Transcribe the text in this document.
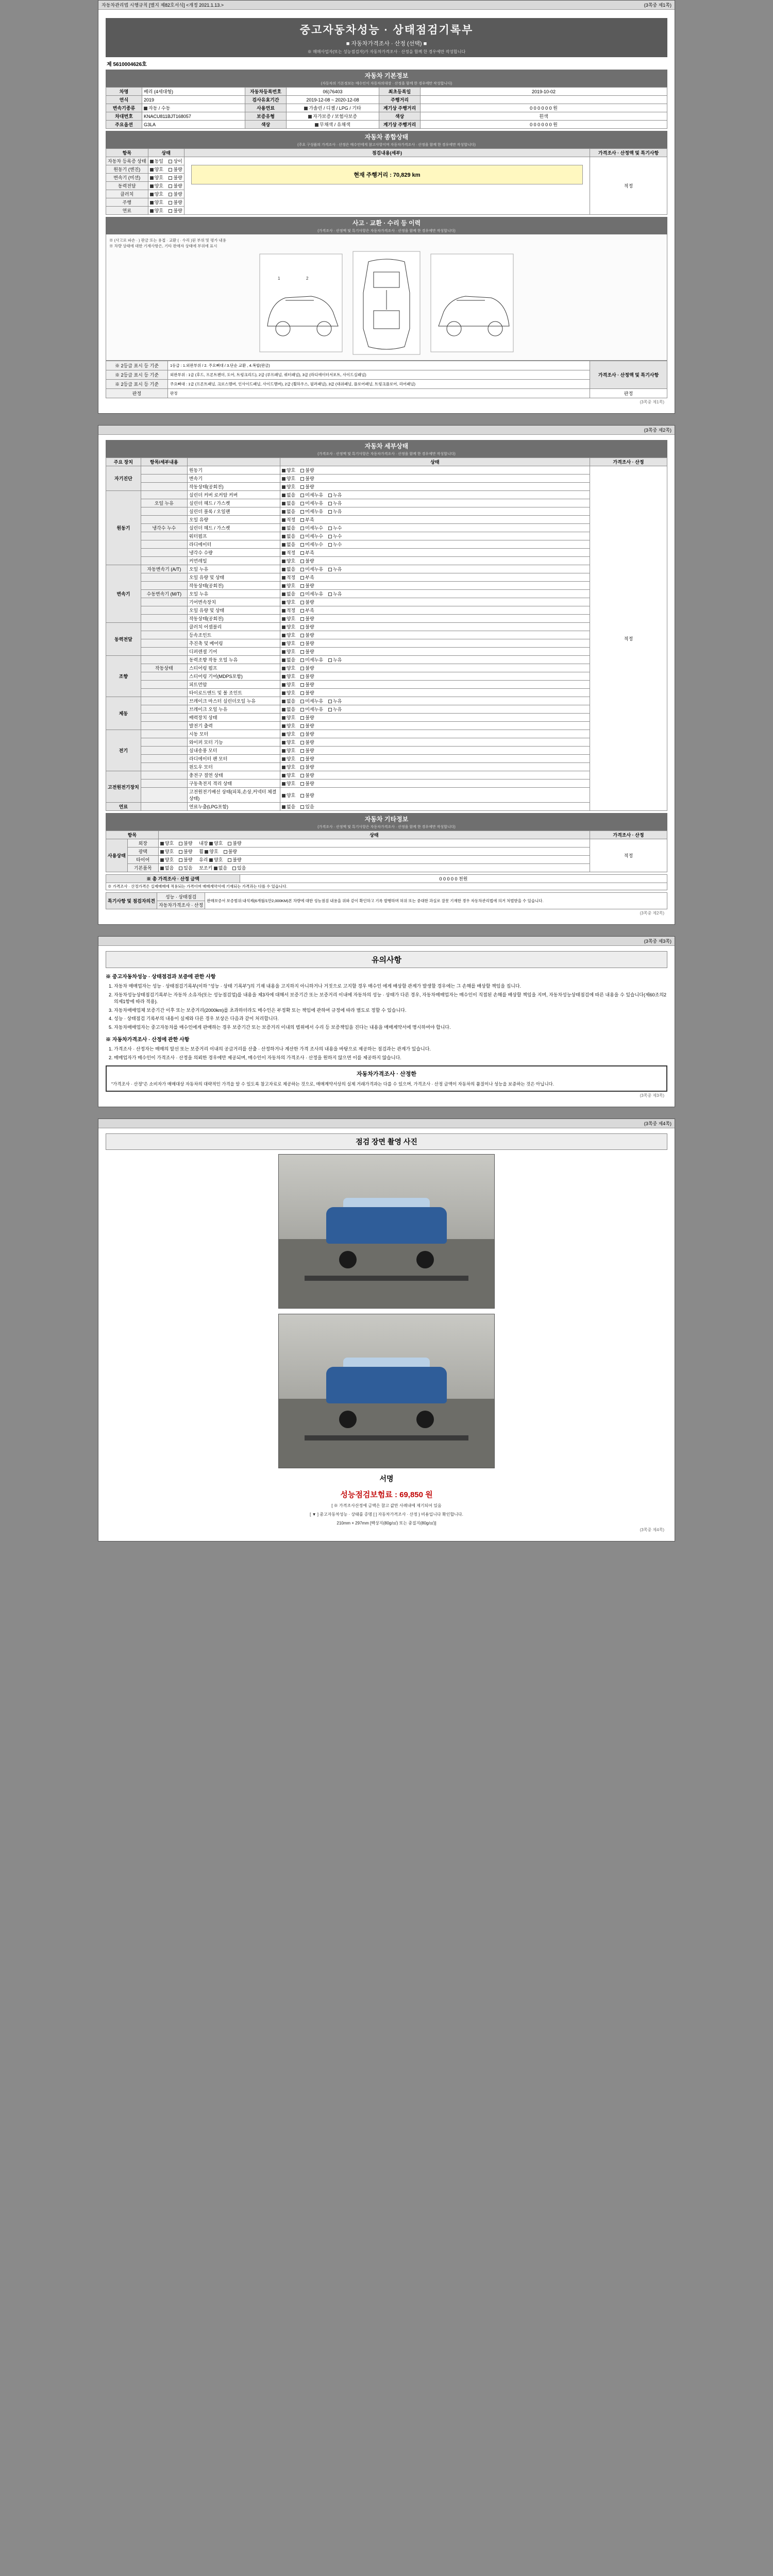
자동차관리법 시행규칙 [별지 제82호서식] <개정 2021.1.13.>	(3쪽중 제1쪽)
중고자동차성능 · 상태점검기록부
■ 자동차가격조사 · 산정 (선택) ■
※ 매매사업자(또는 성능점검자)가 자동차가격조사 · 산정을 함께 한 경우에만 작성합니다
제 5610004626호
자동차 기본정보
(자동차의 기본정보는 매수인이 자동차의대장 · 산정을 함께 한 경우에만 작성합니다)
차명	베리 (4세대형)	자동차등록번호	06)76403	최초등록일	2019-10-02
연식	2019	검사유효기간	2019-12-08 ~ 2020-12-08	주행거리	
변속기종류	자동 / 수동	사용연료	가솔린 / 디젤 / LPG / 기타	계기상 주행거리	0 0 0 0 0 0 원
차대번호	KNACU811BJT168057	보증유형	자가보증 / 보험사보증	색상	흰색
주요옵션	G3LA	색상	무채색 / 유채색	계기상 주행거리	0 0 0 0 0 0 원
자동차 종합상태
(주요 구성품의 가격조사 · 산정은 매수인에게 참고사항이며 자동차가격조사 · 산정을 함께 한 경우에만 작성합니다)
항목	상태	점검내용(세부)	가격조사 · 산정액 및 특기사항
자동차 등록증 상태	동일 상이	현재 주행거리 : 70,829 km	적정
원동기 (엔진)	양호 불량		
변속기 (미션)	양호 불량		
동력전달	양호 불량		
클러치	양호 불량		
주행	양호 불량		
연료	양호 불량		
사고 · 교환 · 수리 등 이력
(가격조사 · 산정액 및 특기사항은 자동차가격조사 · 산정을 함께 한 경우에만 작성합니다)
※ (사고로 파손 · ) 판금 또는 용접 · 교환 ( · 수리 )된 부위 및 평가 내용
※ 차량 상태에 대한 기재사항은, 기타 판매자 상태에 부위에 표시
1	2
※ 2등급 표시 등 기준	1등급 : 1.외판부위 / 2. 주요뼈대 / 3.단순 교환 , 4.복합(판금)	가격조사 · 산정액 및 특기사항
※ 2등급 표시 등 기준	외판부위 : 1급 (후드, 프론트펜더, 도어, 트렁크리드), 2급 (루프패널, 쿼터패널), 3급 (라디에이터서포트, 사이드실패널)	
※ 2등급 표시 등 기준	주요뼈대 : 1급 (프론트패널, 크로스멤버, 인사이드패널, 사이드멤버), 2급 (휠하우스, 필러패널), 3급 (대쉬패널, 플로어패널, 트렁크플로어, 리어패널)	
판정	판정	판정
(3쪽중 제1쪽)
(3쪽중 제2쪽)
자동차 세부상태
(가격조사 · 산정액 및 특기사항은 자동차가격조사 · 산정을 함께 한 경우에만 작성합니다)
주요 장치	항목/세부내용		상태	가격조사 · 산정
자기진단		원동기	양호 불량	적정
		변속기	양호 불량	
		작동상태(공회전)	양호 불량	
원동기		실린더 커버 로커암 커버	없음 미세누유 누유	
	오일 누유	실린더 헤드 / 가스켓	없음 미세누유 누유	
		실린더 블록 / 오일팬	없음 미세누유 누유	
		오일 유량	적정 부족	
	냉각수 누수	실린더 헤드 / 가스켓	없음 미세누수 누수	
		워터펌프	없음 미세누수 누수	
		라디에이터	없음 미세누수 누수	
		냉각수 수량	적정 부족	
		커먼레일	양호 불량	
변속기	자동변속기 (A/T)	오일 누유	없음 미세누유 누유	
		오일 유량 및 상태	적정 부족	
		작동상태(공회전)	양호 불량	
	수동변속기 (M/T)	오일 누유	없음 미세누유 누유	
		기어변속장치	양호 불량	
		오일 유량 및 상태	적정 부족	
		작동상태(공회전)	양호 불량	
동력전달		클러치 어셈블리	양호 불량	
		등속조인트	양호 불량	
		추진축 및 베어링	양호 불량	
		디퍼렌셜 기어	양호 불량	
조향		동력조향 작동 오일 누유	없음 미세누유 누유	
	작동상태	스티어링 펌프	양호 불량	
		스티어링 기어(MDPS포함)	양호 불량	
		피트먼암	양호 불량	
		타이로드엔드 및 볼 조인트	양호 불량	
제동		브레이크 마스터 실린더오일 누유	없음 미세누유 누유	
		브레이크 오일 누유	없음 미세누유 누유	
		배력장치 상태	양호 불량	
		발전기 출력	양호 불량	
전기		시동 모터	양호 불량	
		와이퍼 모터 기능	양호 불량	
		실내송풍 모터	양호 불량	
		라디에이터 팬 모터	양호 불량	
		윈도우 모터	양호 불량	
고전원전기장치		충전구 절연 상태	양호 불량	
		구동축전지 격리 상태	양호 불량	
		고전원전기배선 상태(피복,손상,커넥터 체결상태)	양호 불량	
연료		연료누출(LPG포함)	없음 있음	
자동차 기타정보
(가격조사 · 산정액 및 특기사항은 자동차가격조사 · 산정을 함께 한 경우에만 작성합니다)
항목		상태	가격조사 · 산정
사용상태	외장	양호 불량 내장 양호 불량	적정
	광택	양호 불량 휠 양호 불량	
	타이어	양호 불량 유리 양호 불량	
	기본품목	없음 있음 보조키 없음 있음	
※ 총 가격조사 · 산정 금액	0 0 0 0 0 천원
※ 가격조사 · 산정가격은 실제매매에 적용되는 가격이며 매매계약서에 기재되는 가격과는 다를 수 있습니다.
특기사항 및 점검자의견	성능 · 상태점검	판매보증서 보증범위:내석제(6개월/1만2,000KM)본 차량에 대한 성능점검 내용을 위와 같이 확인하고 기록 발행하며 허위 또는 중대한 과실로 잘못 기재한 경우 자동차관리법에 의거 처벌받을 수 있습니다.
자동차가격조사 · 산정
(3쪽중 제2쪽)
(3쪽중 제3쪽)
유의사항
※ 중고자동차성능 · 상태점검과 보증에 관한 사항
1. 자동차 매매업자는 성능 · 상태점검기록부(이하 "성능 · 상태 기록부")의 기재 내용을 고지하지 아니하거나 거짓으로 고지할 경우 매수인 에게 배상할 관계가 발생할 경우에는 그 손해를 배상할 책임을 집니다.
2. 자동차성능상태점검기록부는 자동차 소유자(또는 성능점검업)를 내용을 제3자에 대해서 보증기간 또는 보증거리 이내에 자동차의 성능 · 상태가 다른 경우, 자동차매매업자는 매수인이 직접된 손해를 배상할 책임을 지며, 자동차성능상태점검에 따른 내용을 수 있습니다(제60조의2의제1항에 따라 적용).
3. 자동차매매업체 보증기간 이후 또는 보증거리(2000km)를 초과하더라도 매수인은 부정확 또는 책임에 관하여 규정에 따라 별도로 정할 수 있습니다.
4. 성능 · 상태점검 기록부의 내용이 실제와 다른 경우 보상은 다음과 같이 처리합니다.
5. 자동차매매업자는 중고자동차를 매수인에게 판매하는 경우 보증기간 또는 보증거리 이내의 범위에서 수리 등 보증책임을 진다는 내용을 매매계약서에 명시하여야 합니다.
※ 자동차가격조사 · 산정에 관한 사항
1. 가격조사 · 산정자는 매매의 알선 또는 보증거리 이내의 공급거리를 산출 · 산정하거나 계산한 가격 조사의 내용을 바탕으로 제공하는 점검과는 관계가 있습니다.
2. 매매업자가 매수인이 가격조사 · 산정을 의뢰한 경우에만 제공되며, 매수인이 자동차의 가격조사 · 산정을 원하지 않으면 이를 제공하지 않습니다.
자동차가격조사 · 산정한
"가격조사 · 산정"은 소비자가 매매대상 자동차의 대략적인 가격을 알 수 있도록 참고자료로 제공하는 것으로, 매매계약서상의 실제 거래가격과는 다를 수 있으며, 가격조사 · 산정 금액이 자동차의 품질이나 성능을 보증하는 것은 아닙니다.
(3쪽중 제3쪽)
(3쪽중 제4쪽)
점검 장면 촬영 사진
서명
성능점검보험료 : 69,850 원
[ ※ 가격조사산정에 금액은 참고 값만 사례내에 제기되어 있음
[ ▼ ] 중고자동차성능 · 상태를 증명 [ ] 자동차가격조사 · 산정 } 비용입니다 확인합니다.
210mm × 297mm [백상지(80g/㎡) 또는 중질지(80g/㎡)]
(3쪽중 제4쪽)
